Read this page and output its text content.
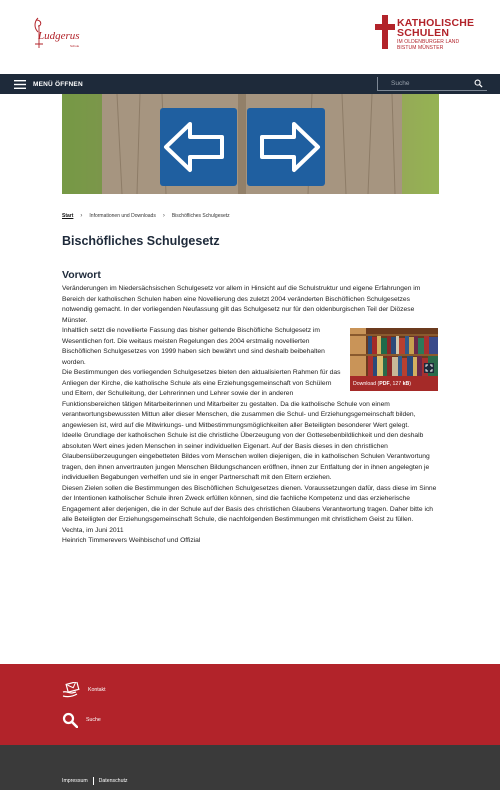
Ludgerus
Schule
KATHOLISCHE
SCHULEN
IM OLDENBURGER LAND
BISTUM MÜNSTER
MENÜ ÖFFNEN
Suche
Start	›	Informationen und Downloads	›	Bischöfliches Schulgesetz
Bischöfliches Schulgesetz
Vorwort

Veränderungen im Niedersächsischen Schulgesetz vor allem in Hinsicht auf die Schulstruktur und eigene Erfahrungen im Bereich der katholischen Schulen haben eine Novellierung des zuletzt 2004 veränderten Bischöflichen Schulgesetzes notwendig gemacht. In der vorliegenden Neufassung gilt das Schulgesetz nur für den oldenburgischen Teil der Diözese Münster.

Download (PDF, 127 kB)

Inhaltlich setzt die novellierte Fassung das bisher geltende Bischöfliche Schulgesetz im Wesentlichen fort. Die weitaus meisten Regelungen des 2004 erstmalig novellierten Bischöflichen Schulgesetzes von 1999 haben sich bewährt und sind deshalb beibehalten worden.

Die Bestimmungen des vorliegenden Schulgesetzes bieten den aktualisierten Rahmen für das Anliegen der Kirche, die katholische Schule als eine Erziehungsgemeinschaft von Schülern und Eltern, der Schulleitung, der Lehrerinnen und Lehrer sowie der in anderen Funktionsbereichen tätigen Mitarbeiterinnen und Mitarbeiter zu gestalten. Da die katholische Schule von einem verantwortungsbewussten Mittun aller dieser Menschen, die zusammen die Schul- und Erziehungsgemeinschaft bilden, angewiesen ist, wird auf die Mitwirkungs- und Mitbestimmungsmöglichkeiten aller Beteiligten besonderer Wert gelegt.

Ideelle Grundlage der katholischen Schule ist die christliche Überzeugung von der Gottesebenbildlichkeit und den deshalb absoluten Wert eines jeden Menschen in seiner individuellen Eigenart. Auf der Basis dieses in den christlichen Glaubensüberzeugungen eingebetteten Bildes vom Menschen wollen diejenigen, die in katholischen Schulen Verantwortung tragen, den ihnen anvertrauten jungen Menschen Bildungschancen eröffnen, ihnen zur Entfaltung der in ihnen angelegten je individuellen Begabungen verhelfen und sie in enger Partnerschaft mit den Eltern erziehen.

Diesen Zielen sollen die Bestimmungen des Bischöflichen Schulgesetzes dienen. Voraussetzungen dafür, dass diese im Sinne der Intentionen katholischer Schule ihren Zweck erfüllen können, sind die fachliche Kompetenz und das erzieherische Engagement aller derjenigen, die in der Schule auf der Basis des christlichen Glaubens Verantwortung tragen. Daher bitte ich alle Beteiligten der Erziehungsgemeinschaft Schule, die nachfolgenden Bestimmungen mit christlichem Geist zu füllen.

Vechta, im Juni 2011

Heinrich Timmerevers Weihbischof und Offizial

Kontakt
Suche
Impressum Datenschutz
